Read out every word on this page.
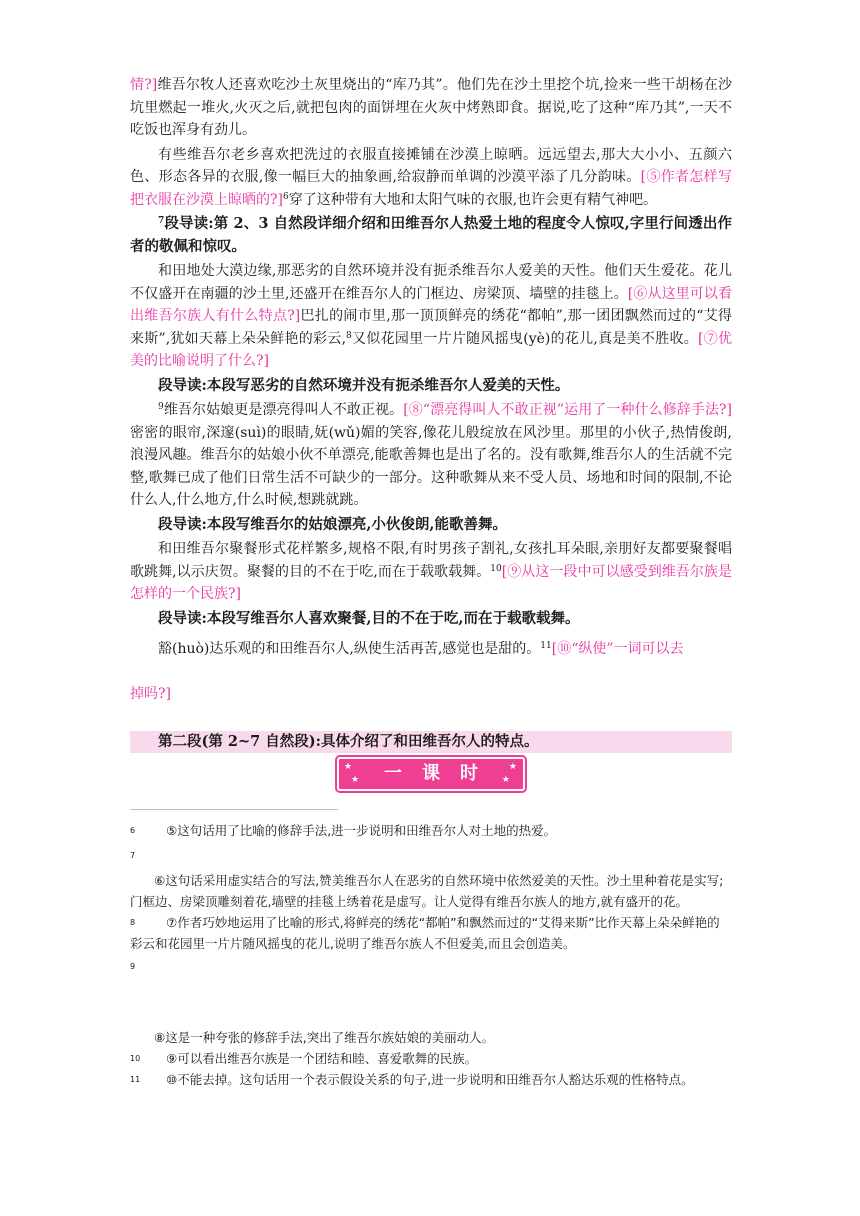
情?]维吾尔牧人还喜欢吃沙土灰里烧出的“库乃其”。他们先在沙土里挖个坑,捡来一些干胡杨在沙坑里燃起一堆火,火灭之后,就把包肉的面饼埋在火灰中烤熟即食。据说,吃了这种“库乃其”,一天不吃饭也浑身有劲儿。

有些维吾尔老乡喜欢把洗过的衣服直接摊铺在沙漠上晾晒。远远望去,那大大小小、五颜六色、形态各异的衣服,像一幅巨大的抽象画,给寂静而单调的沙漠平添了几分韵味。[⑤作者怎样写把衣服在沙漠上晾晒的?]$^6$穿了这种带有大地和太阳气味的衣服,也许会更有精气神吧。

$^7$段导读:第 2、3 自然段详细介绍和田维吾尔人热爱土地的程度令人惊叹,字里行间透出作者的敬佩和惊叹。

和田地处大漠边缘,那恶劣的自然环境并没有扼杀维吾尔人爱美的天性。他们天生爱花。花儿不仅盛开在南疆的沙土里,还盛开在维吾尔人的门框边、房梁顶、墙壁的挂毯上。[⑥从这里可以看出维吾尔族人有什么特点?]巴扎的闹市里,那一顶顶鲜亮的绣花“都帕”,那一团团飘然而过的“艾得来斯”,犹如天幕上朵朵鲜艳的彩云,$^8$又似花园里一片片随风摇曳(yè)的花儿,真是美不胜收。[⑦优美的比喻说明了什么?]

段导读:本段写恶劣的自然环境并没有扼杀维吾尔人爱美的天性。

$^9$维吾尔姑娘更是漂亮得叫人不敢正视。[⑧“漂亮得叫人不敢正视”运用了一种什么修辞手法?]密密的眼帘,深邃(suì)的眼睛,妩(wǔ)媚的笑容,像花儿般绽放在风沙里。那里的小伙子,热情俊朗,浪漫风趣。维吾尔的姑娘小伙不单漂亮,能歌善舞也是出了名的。没有歌舞,维吾尔人的生活就不完整,歌舞已成了他们日常生活不可缺少的一部分。这种歌舞从来不受人员、场地和时间的限制,不论什么人,什么地方,什么时候,想跳就跳。

段导读:本段写维吾尔的姑娘漂亮,小伙俊朗,能歌善舞。

和田维吾尔聚餐形式花样繁多,规格不限,有时男孩子割礼,女孩扎耳朵眼,亲朋好友都要聚餐唱歌跳舞,以示庆贺。聚餐的目的不在于吃,而在于载歌载舞。$^{10}$[⑨从这一段中可以感受到维吾尔族是怎样的一个民族?]

段导读:本段写维吾尔人喜欢聚餐,目的不在于吃,而在于载歌载舞。

豁(huò)达乐观的和田维吾尔人,纵使生活再苦,感觉也是甜的。$^{11}$[⑩“纵使”一词可以去

掉吗?]

第二段(第 2~7 自然段):具体介绍了和田维吾尔人的特点。
★
★
★
★
一课时

6 ⑤这句话用了比喻的修辞手法,进一步说明和田维吾尔人对土地的热爱。

7

⑥这句话采用虚实结合的写法,赞美维吾尔人在恶劣的自然环境中依然爱美的天性。沙土里种着花是实写;门框边、房梁顶雕刻着花,墙壁的挂毯上绣着花是虚写。让人觉得有维吾尔族人的地方,就有盛开的花。

8 ⑦作者巧妙地运用了比喻的形式,将鲜亮的绣花“都帕”和飘然而过的“艾得来斯”比作天幕上朵朵鲜艳的彩云和花园里一片片随风摇曳的花儿,说明了维吾尔族人不但爱美,而且会创造美。

9

⑧这是一种夸张的修辞手法,突出了维吾尔族姑娘的美丽动人。

10 ⑨可以看出维吾尔族是一个团结和睦、喜爱歌舞的民族。

11 ⑩不能去掉。这句话用一个表示假设关系的句子,进一步说明和田维吾尔人豁达乐观的性格特点。
